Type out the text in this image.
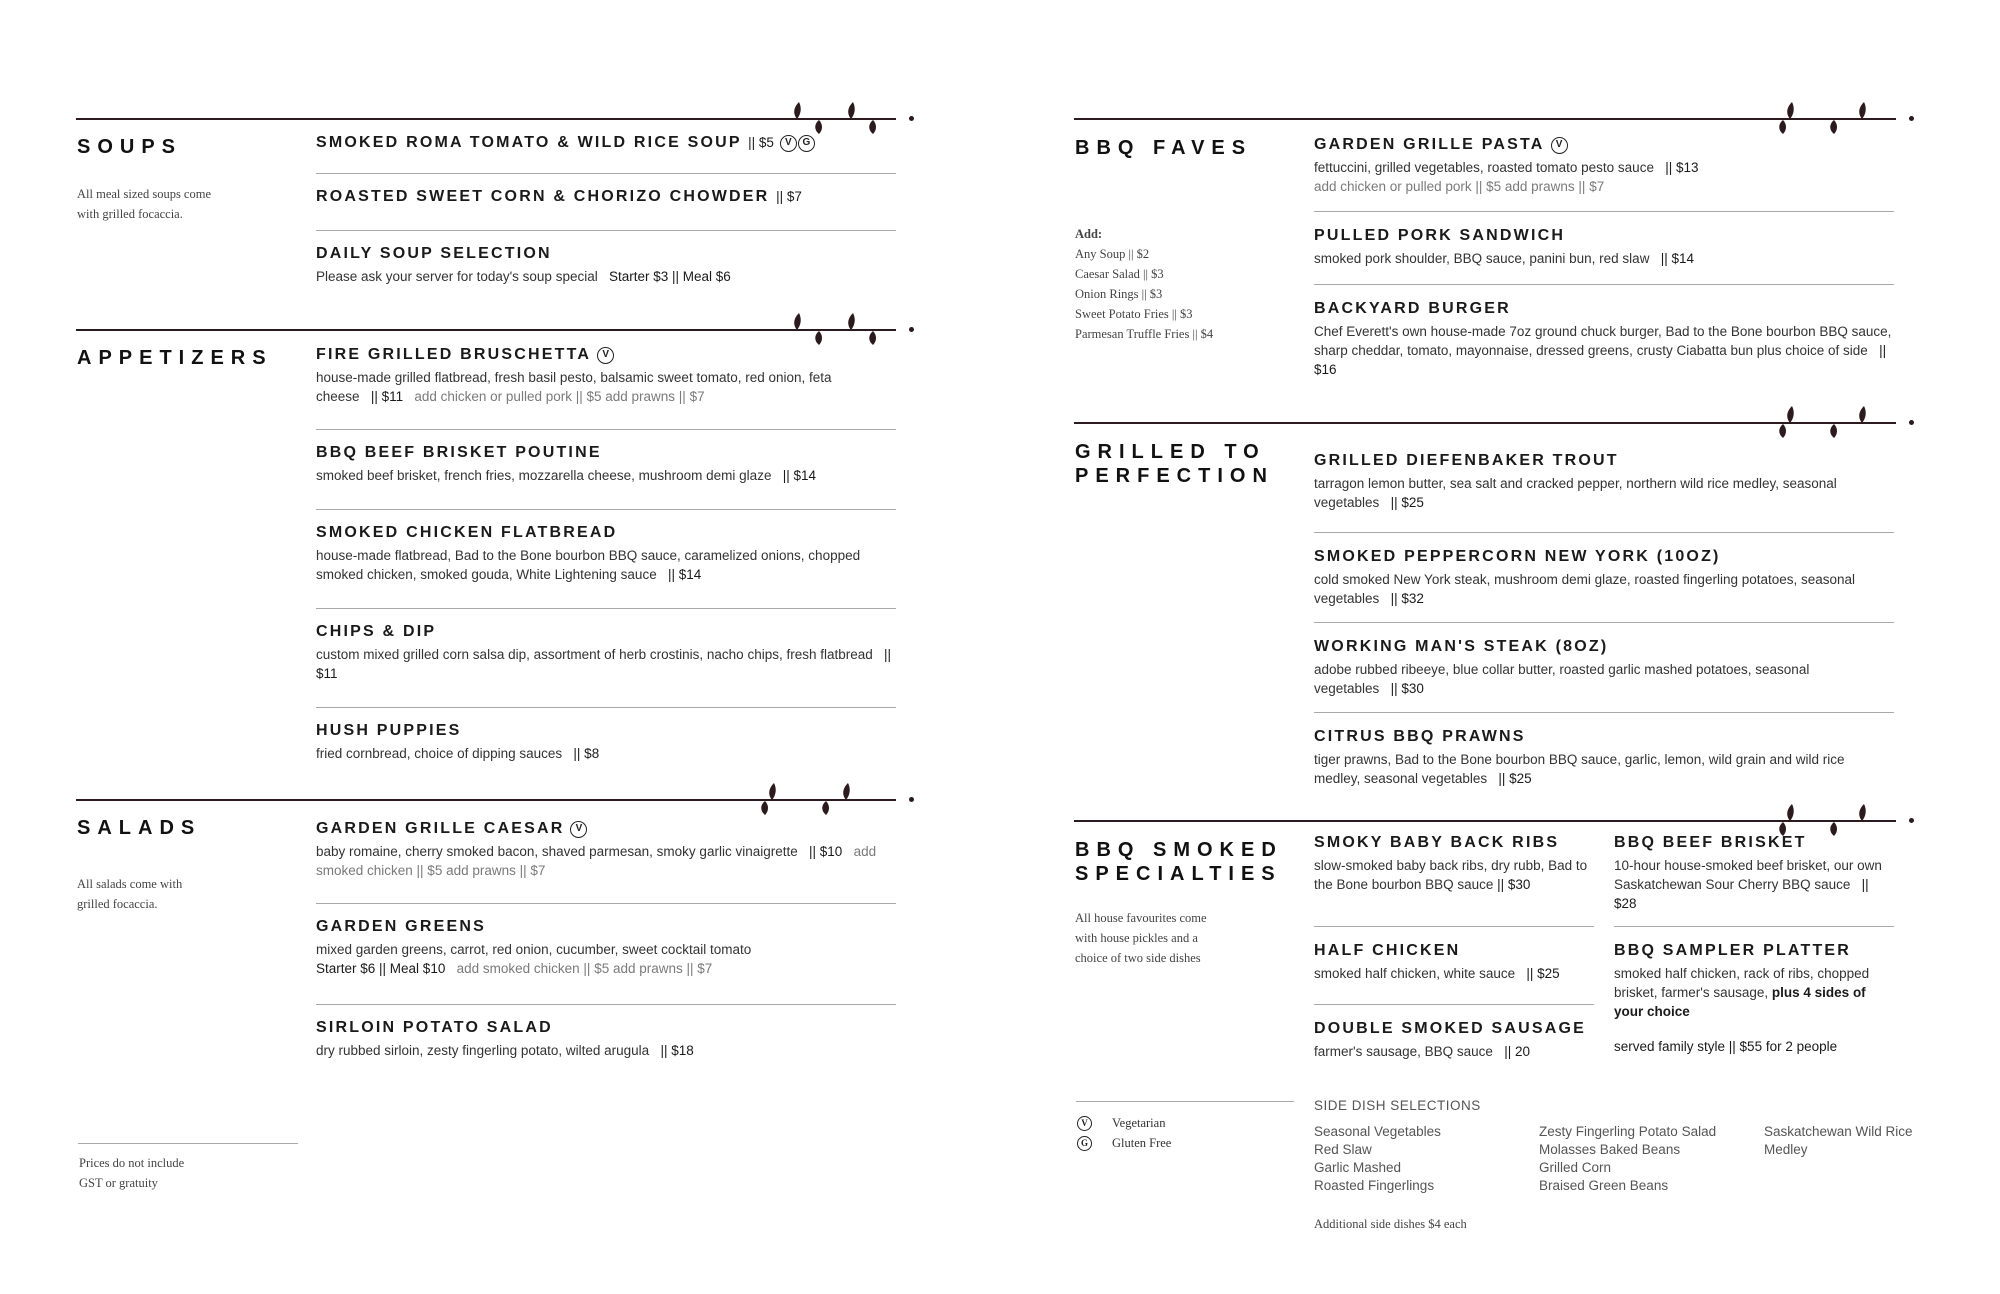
SOUPS
All meal sized soups come
with grilled focaccia.
SMOKED ROMA TOMATO & WILD RICE SOUP || $5 V G
ROASTED SWEET CORN & CHORIZO CHOWDER || $7
DAILY SOUP SELECTION
Please ask your server for today's soup special Starter $3 || Meal $6
APPETIZERS	FIRE GRILLED BRUSCHETTA V
house-made grilled flatbread, fresh basil pesto, balsamic sweet tomato, red onion, feta cheese || $11 add chicken or pulled pork || $5 add prawns || $7
BBQ BEEF BRISKET POUTINE
smoked beef brisket, french fries, mozzarella cheese, mushroom demi glaze || $14
SMOKED CHICKEN FLATBREAD
house-made flatbread, Bad to the Bone bourbon BBQ sauce, caramelized onions, chopped smoked chicken, smoked gouda, White Lightening sauce || $14
CHIPS & DIP
custom mixed grilled corn salsa dip, assortment of herb crostinis, nacho chips, fresh flatbread || $11
HUSH PUPPIES
fried cornbread, choice of dipping sauces || $8
SALADS
All salads come with
grilled focaccia.
GARDEN GRILLE CAESAR V
baby romaine, cherry smoked bacon, shaved parmesan, smoky garlic vinaigrette || $10 add smoked chicken || $5 add prawns || $7
GARDEN GREENS
mixed garden greens, carrot, red onion, cucumber, sweet cocktail tomato
Starter $6 || Meal $10 add smoked chicken || $5 add prawns || $7
SIRLOIN POTATO SALAD
dry rubbed sirloin, zesty fingerling potato, wilted arugula || $18
Prices do not include
GST or gratuity
BBQ FAVES
Add:
Any Soup || $2
Caesar Salad || $3
Onion Rings || $3
Sweet Potato Fries || $3
Parmesan Truffle Fries || $4
GARDEN GRILLE PASTA V
fettuccini, grilled vegetables, roasted tomato pesto sauce || $13
add chicken or pulled pork || $5 add prawns || $7
PULLED PORK SANDWICH
smoked pork shoulder, BBQ sauce, panini bun, red slaw || $14
BACKYARD BURGER
Chef Everett's own house-made 7oz ground chuck burger, Bad to the Bone bourbon BBQ sauce, sharp cheddar, tomato, mayonnaise, dressed greens, crusty Ciabatta bun plus choice of side || $16
GRILLED TO
PERFECTION
GRILLED DIEFENBAKER TROUT
tarragon lemon butter, sea salt and cracked pepper, northern wild rice medley, seasonal vegetables || $25
SMOKED PEPPERCORN NEW YORK (10OZ)
cold smoked New York steak, mushroom demi glaze, roasted fingerling potatoes, seasonal vegetables || $32
WORKING MAN'S STEAK (8OZ)
adobe rubbed ribeeye, blue collar butter, roasted garlic mashed potatoes, seasonal vegetables || $30
CITRUS BBQ PRAWNS
tiger prawns, Bad to the Bone bourbon BBQ sauce, garlic, lemon, wild grain and wild rice medley, seasonal vegetables || $25
BBQ SMOKED
SPECIALTIES
All house favourites come
with house pickles and a
choice of two side dishes
SMOKY BABY BACK RIBS
slow-smoked baby back ribs, dry rubb, Bad to the Bone bourbon BBQ sauce || $30
HALF CHICKEN
smoked half chicken, white sauce || $25
DOUBLE SMOKED SAUSAGE
farmer's sausage, BBQ sauce || 20
BBQ BEEF BRISKET
10-hour house-smoked beef brisket, our own Saskatchewan Sour Cherry BBQ sauce || $28
BBQ SAMPLER PLATTER
smoked half chicken, rack of ribs, chopped brisket, farmer's sausage, plus 4 sides of your choice
served family style || $55 for 2 people
V	Vegetarian
G	Gluten Free
SIDE DISH SELECTIONS
Seasonal Vegetables
Red Slaw
Garlic Mashed
Roasted Fingerlings
Zesty Fingerling Potato Salad
Molasses Baked Beans
Grilled Corn
Braised Green Beans
Saskatchewan Wild Rice
Medley
Additional side dishes $4 each
